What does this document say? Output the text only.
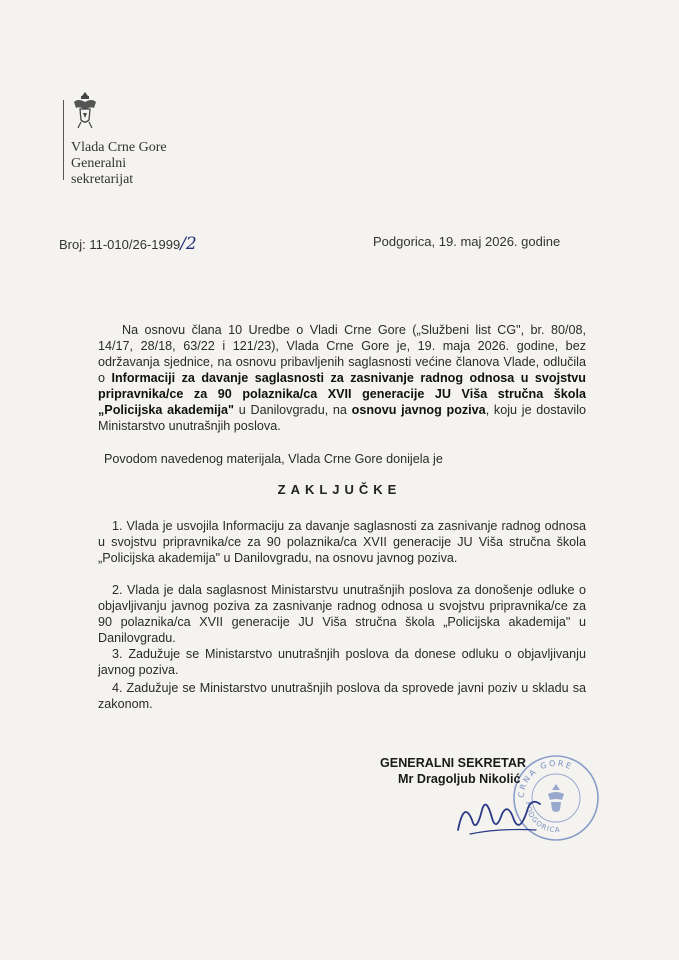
Vlada Crne Gore
Generalni
sekretarijat
Broj: 11-010/26-1999/2	Podgorica, 19. maj 2026. godine
Na osnovu člana 10 Uredbe o Vladi Crne Gore („Službeni list CG", br. 80/08, 14/17, 28/18, 63/22 i 121/23), Vlada Crne Gore je, 19. maja 2026. godine, bez održavanja sjednice, na osnovu pribavljenih saglasnosti većine članova Vlade, odlučila o Informaciji za davanje saglasnosti za zasnivanje radnog odnosa u svojstvu pripravnika/ce za 90 polaznika/ca XVII generacije JU Viša stručna škola „Policijska akademija" u Danilovgradu, na osnovu javnog poziva, koju je dostavilo Ministarstvo unutrašnjih poslova.
Povodom navedenog materijala, Vlada Crne Gore donijela je
ZAKLJUČKE
1. Vlada je usvojila Informaciju za davanje saglasnosti za zasnivanje radnog odnosa u svojstvu pripravnika/ce za 90 polaznika/ca XVII generacije JU Viša stručna škola „Policijska akademija" u Danilovgradu, na osnovu javnog poziva.
2. Vlada je dala saglasnost Ministarstvu unutrašnjih poslova za donošenje odluke o objavljivanju javnog poziva za zasnivanje radnog odnosa u svojstvu pripravnika/ce za 90 polaznika/ca XVII generacije JU Viša stručna škola „Policijska akademija" u Danilovgradu.
3. Zadužuje se Ministarstvo unutrašnjih poslova da donese odluku o objavljivanju javnog poziva.
4. Zadužuje se Ministarstvo unutrašnjih poslova da sprovede javni poziv u skladu sa zakonom.
CRNA GORE
PODGORICA
GENERALNI SEKRETAR
Mr Dragoljub Nikolić
